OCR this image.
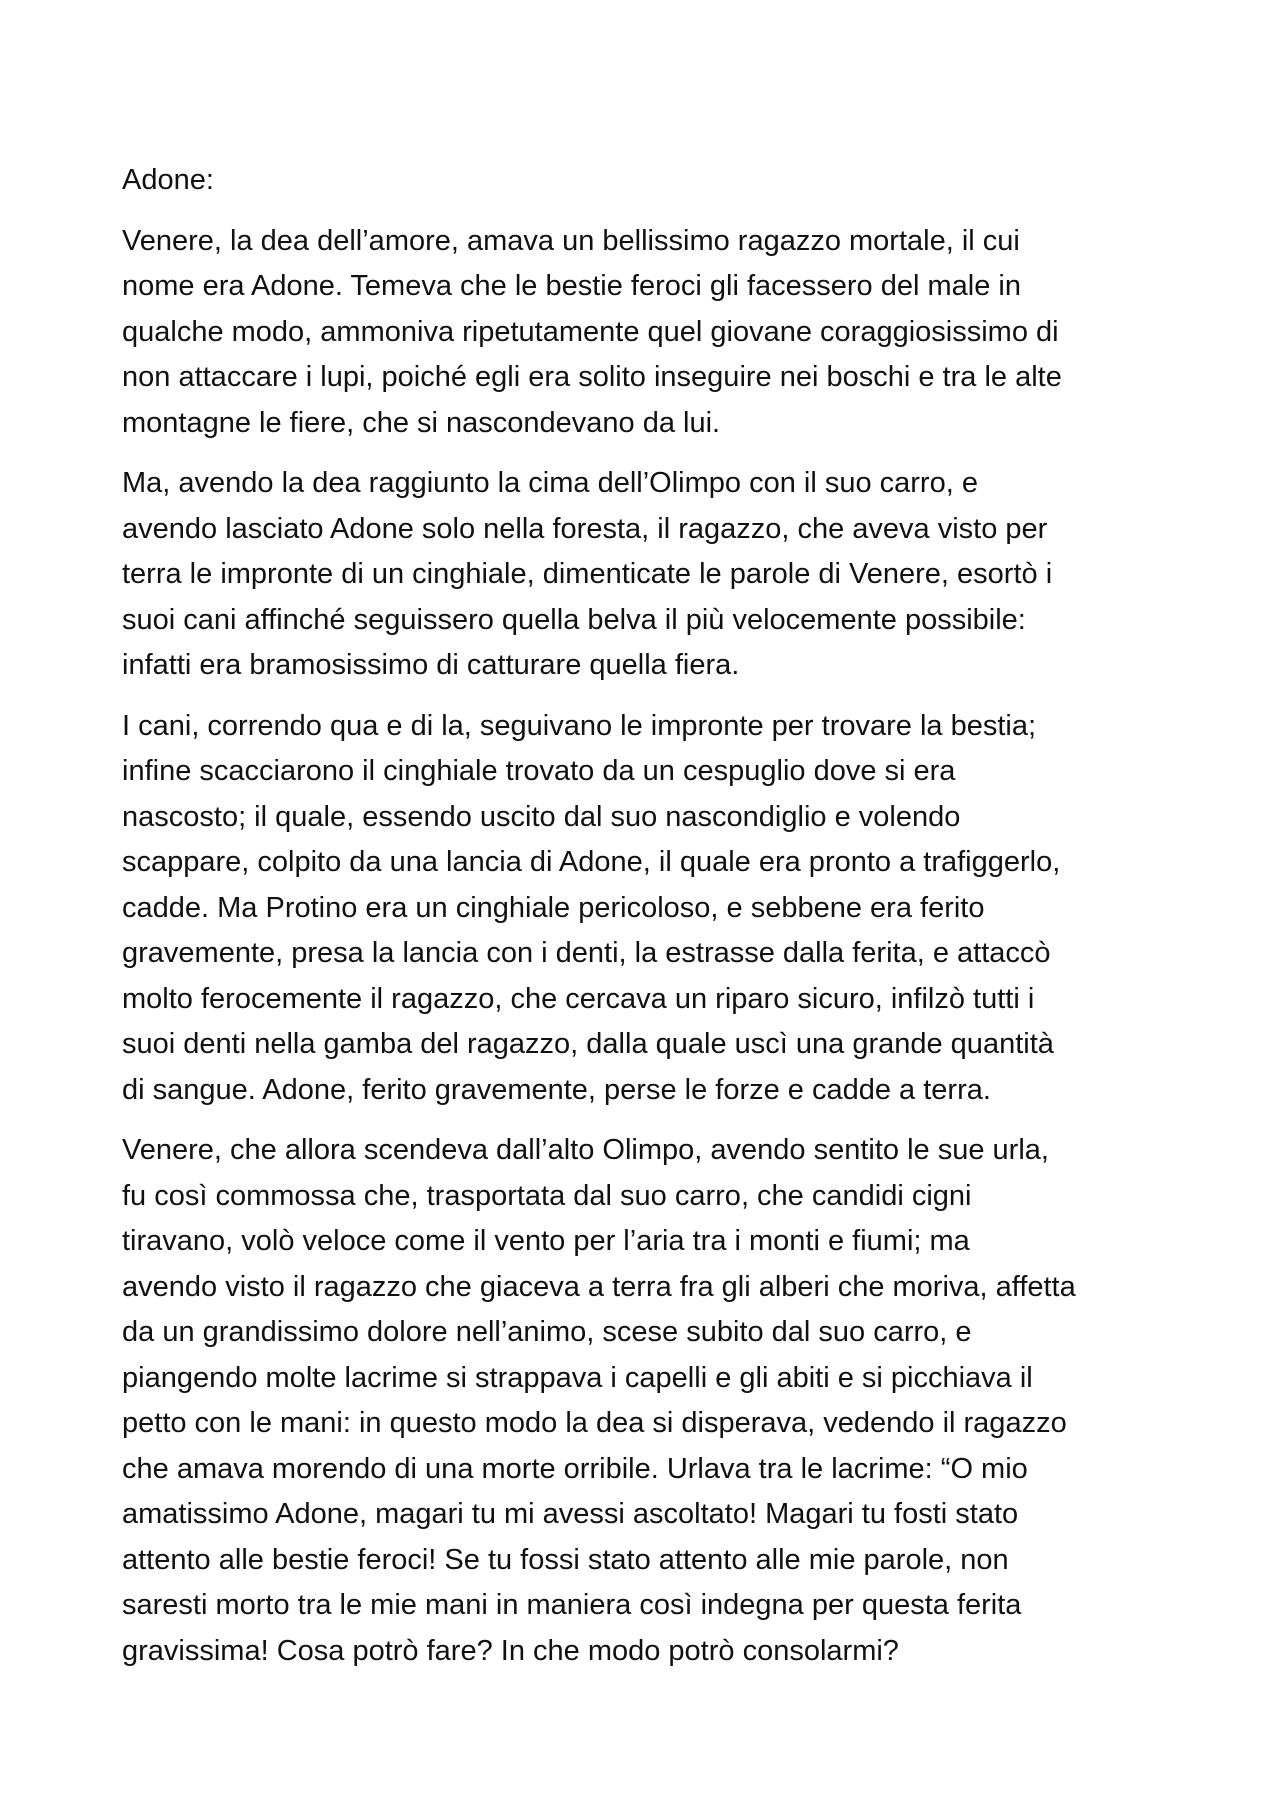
Adone:

Venere, la dea dell’amore, amava un bellissimo ragazzo mortale, il cui
nome era Adone. Temeva che le bestie feroci gli facessero del male in
qualche modo, ammoniva ripetutamente quel giovane coraggiosissimo di
non attaccare i lupi, poiché egli era solito inseguire nei boschi e tra le alte
montagne le fiere, che si nascondevano da lui.

Ma, avendo la dea raggiunto la cima dell’Olimpo con il suo carro, e
avendo lasciato Adone solo nella foresta, il ragazzo, che aveva visto per
terra le impronte di un cinghiale, dimenticate le parole di Venere, esortò i
suoi cani affinché seguissero quella belva il più velocemente possibile:
infatti era bramosissimo di catturare quella fiera.

I cani, correndo qua e di la, seguivano le impronte per trovare la bestia;
infine scacciarono il cinghiale trovato da un cespuglio dove si era
nascosto; il quale, essendo uscito dal suo nascondiglio e volendo
scappare, colpito da una lancia di Adone, il quale era pronto a trafiggerlo,
cadde. Ma Protino era un cinghiale pericoloso, e sebbene era ferito
gravemente, presa la lancia con i denti, la estrasse dalla ferita, e attaccò
molto ferocemente il ragazzo, che cercava un riparo sicuro, infilzò tutti i
suoi denti nella gamba del ragazzo, dalla quale uscì una grande quantità
di sangue. Adone, ferito gravemente, perse le forze e cadde a terra.

Venere, che allora scendeva dall’alto Olimpo, avendo sentito le sue urla,
fu così commossa che, trasportata dal suo carro, che candidi cigni
tiravano, volò veloce come il vento per l’aria tra i monti e fiumi; ma
avendo visto il ragazzo che giaceva a terra fra gli alberi che moriva, affetta
da un grandissimo dolore nell’animo, scese subito dal suo carro, e
piangendo molte lacrime si strappava i capelli e gli abiti e si picchiava il
petto con le mani: in questo modo la dea si disperava, vedendo il ragazzo
che amava morendo di una morte orribile. Urlava tra le lacrime: “O mio
amatissimo Adone, magari tu mi avessi ascoltato! Magari tu fosti stato
attento alle bestie feroci! Se tu fossi stato attento alle mie parole, non
saresti morto tra le mie mani in maniera così indegna per questa ferita
gravissima! Cosa potrò fare? In che modo potrò consolarmi?
